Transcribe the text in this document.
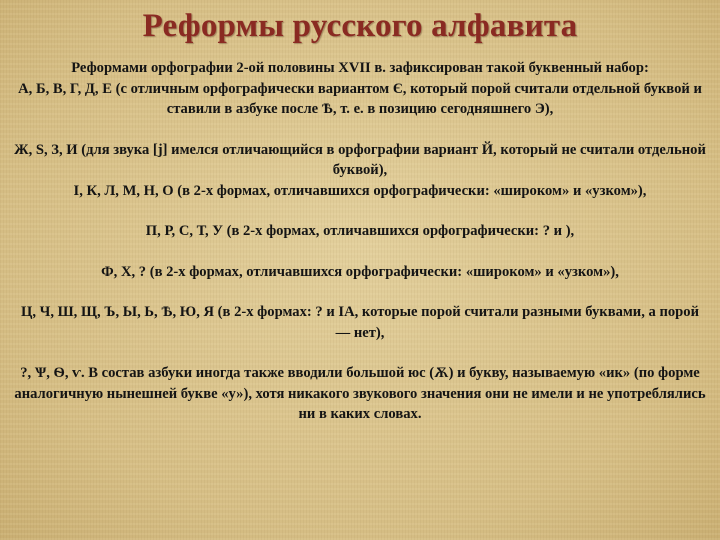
Реформы русского алфавита

Реформами орфографии 2-ой половины XVII в. зафиксирован такой буквенный набор:

А, Б, В, Г, Д, Е (с отличным орфографически вариантом Є, который порой считали отдельной буквой и ставили в азбуке после Ѣ, т. е. в позицию сегодняшнего Э),

Ж, S, З, И (для звука [j] имелся отличающийся в орфографии вариант Й, который не считали отдельной буквой),

І, К, Л, М, Н, О (в 2-х формах, отличавшихся орфографически: «широком» и «узком»),

П, Р, С, Т, У (в 2-х формах, отличавшихся орфографически: ? и ),

Ф, Х, ? (в 2-х формах, отличавшихся орфографически: «широком» и «узком»),

Ц, Ч, Ш, Щ, Ъ, Ы, Ь, Ѣ, Ю, Я (в 2-х формах: ? и ІА, которые порой считали разными буквами, а порой — нет),

?, Ѱ, Ѳ, ѵ. В состав азбуки иногда также вводили большой юс (Ѫ) и букву, называемую «ик» (по форме аналогичную нынешней букве «у»), хотя никакого звукового значения они не имели и не употреблялись ни в каких словах.
